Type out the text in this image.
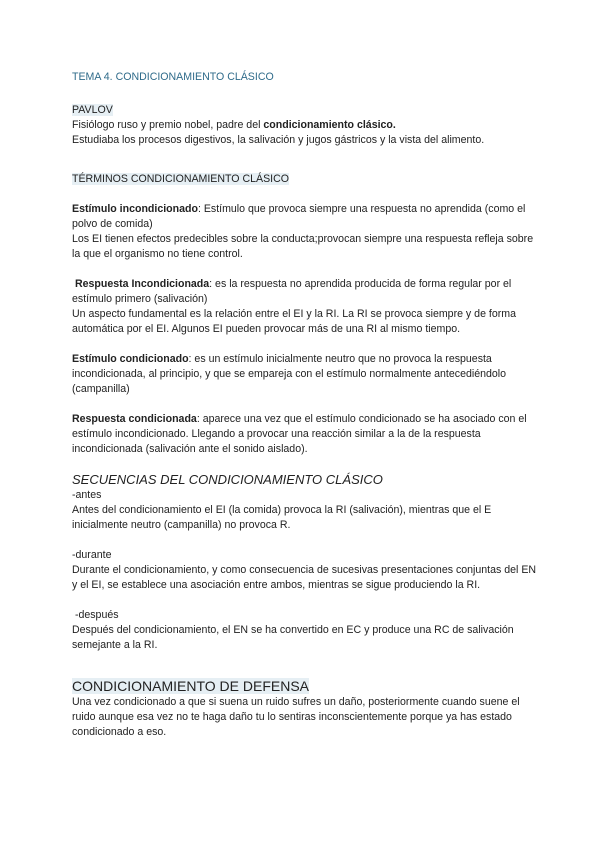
TEMA 4. CONDICIONAMIENTO CLÁSICO

PAVLOV

Fisiólogo ruso y premio nobel, padre del condicionamiento clásico.

Estudiaba los procesos digestivos, la salivación y jugos gástricos y la vista del alimento.

TÉRMINOS CONDICIONAMIENTO CLÁSICO

Estímulo incondicionado: Estímulo que provoca siempre una respuesta no aprendida (como el polvo de comida)

Los EI tienen efectos predecibles sobre la conducta;provocan siempre una respuesta refleja sobre la que el organismo no tiene control.

Respuesta Incondicionada: es la respuesta no aprendida producida de forma regular por el estímulo primero (salivación)

Un aspecto fundamental es la relación entre el EI y la RI. La RI se provoca siempre y de forma automática por el EI. Algunos EI pueden provocar más de una RI al mismo tiempo.

Estímulo condicionado: es un estímulo inicialmente neutro que no provoca la respuesta incondicionada, al principio, y que se empareja con el estímulo normalmente antecediéndolo (campanilla)

Respuesta condicionada: aparece una vez que el estímulo condicionado se ha asociado con el estímulo incondicionado. Llegando a provocar una reacción similar a la de la respuesta incondicionada (salivación ante el sonido aislado).

SECUENCIAS DEL CONDICIONAMIENTO CLÁSICO

-antes

Antes del condicionamiento el EI (la comida) provoca la RI (salivación), mientras que el E inicialmente neutro (campanilla) no provoca R.

-durante

Durante el condicionamiento, y como consecuencia de sucesivas presentaciones conjuntas del EN y el EI, se establece una asociación entre ambos, mientras se sigue produciendo la RI.

-después

Después del condicionamiento, el EN se ha convertido en EC y produce una RC de salivación semejante a la RI.

CONDICIONAMIENTO DE DEFENSA

Una vez condicionado a que si suena un ruido sufres un daño, posteriormente cuando suene el ruido aunque esa vez no te haga daño tu lo sentiras inconscientemente porque ya has estado condicionado a eso.
